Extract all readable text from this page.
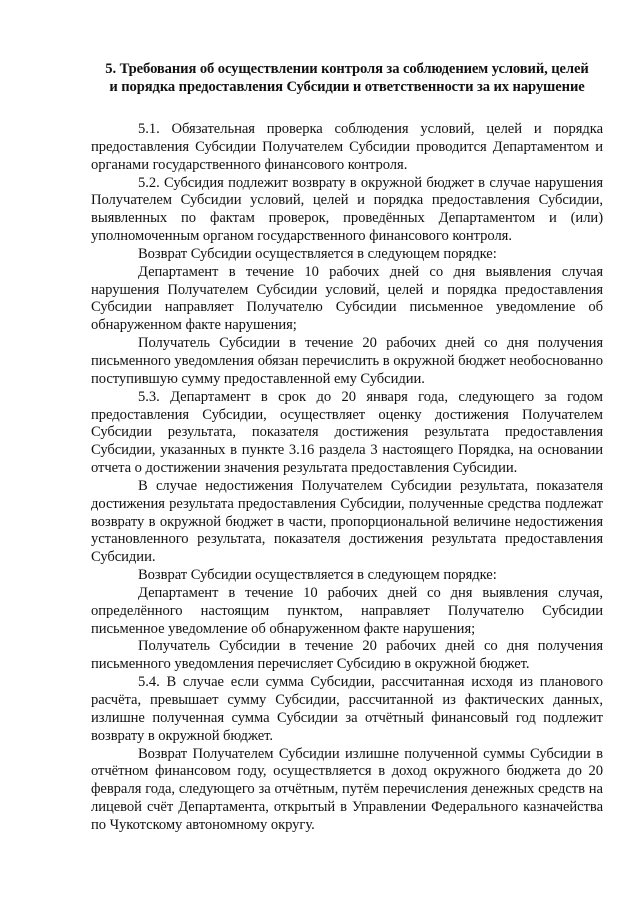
5. Требования об осуществлении контроля за соблюдением условий, целей
и порядка предоставления Субсидии и ответственности за их нарушение

5.1. Обязательная проверка соблюдения условий, целей и порядка предоставления Субсидии Получателем Субсидии проводится Департаментом и органами государственного финансового контроля.

5.2. Субсидия подлежит возврату в окружной бюджет в случае нарушения Получателем Субсидии условий, целей и порядка предоставления Субсидии, выявленных по фактам проверок, проведённых Департаментом и (или) уполномоченным органом государственного финансового контроля.

Возврат Субсидии осуществляется в следующем порядке:

Департамент в течение 10 рабочих дней со дня выявления случая нарушения Получателем Субсидии условий, целей и порядка предоставления Субсидии направляет Получателю Субсидии письменное уведомление об обнаруженном факте нарушения;

Получатель Субсидии в течение 20 рабочих дней со дня получения письменного уведомления обязан перечислить в окружной бюджет необоснованно поступившую сумму предоставленной ему Субсидии.

5.3. Департамент в срок до 20 января года, следующего за годом предоставления Субсидии, осуществляет оценку достижения Получателем Субсидии результата, показателя достижения результата предоставления Субсидии, указанных в пункте 3.16 раздела 3 настоящего Порядка, на основании отчета о достижении значения результата предоставления Субсидии.

В случае недостижения Получателем Субсидии результата, показателя достижения результата предоставления Субсидии, полученные средства подлежат возврату в окружной бюджет в части, пропорциональной величине недостижения установленного результата, показателя достижения результата предоставления Субсидии.

Возврат Субсидии осуществляется в следующем порядке:

Департамент в течение 10 рабочих дней со дня выявления случая, определённого настоящим пунктом, направляет Получателю Субсидии письменное уведомление об обнаруженном факте нарушения;

Получатель Субсидии в течение 20 рабочих дней со дня получения письменного уведомления перечисляет Субсидию в окружной бюджет.

5.4. В случае если сумма Субсидии, рассчитанная исходя из планового расчёта, превышает сумму Субсидии, рассчитанной из фактических данных, излишне полученная сумма Субсидии за отчётный финансовый год подлежит возврату в окружной бюджет.

Возврат Получателем Субсидии излишне полученной суммы Субсидии в отчётном финансовом году, осуществляется в доход окружного бюджета до 20 февраля года, следующего за отчётным, путём перечисления денежных средств на лицевой счёт Департамента, открытый в Управлении Федерального казначейства по Чукотскому автономному округу.
